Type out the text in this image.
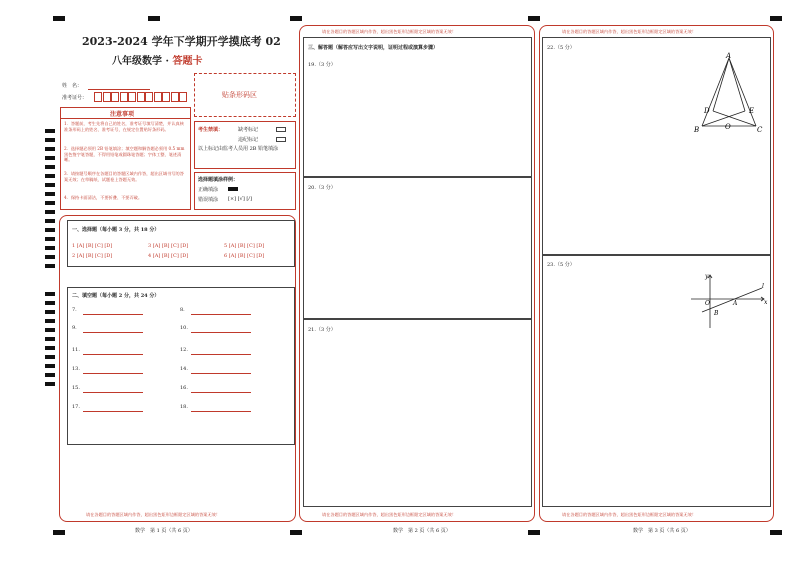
2023-2024 学年下学期开学摸底考 02
八年级数学 · 答题卡
姓　名：
准考证号：	贴条形码区
注意事项
1．答题前，考生先将自己的姓名，准考证号填写清楚，并认真核准条形码上的姓名、准考证号，在规定位置贴好条形码。
2．选择题必须用 2B 铅笔填涂；填空题和解答题必须用 0.5 mm 黑色签字笔答题，不得用铅笔或圆珠笔答题；字体工整、笔迹清晰。
3．请按题号顺序在各题目的答题区域内作答，超出区域书写的答案无效；在草稿纸、试题卷上答题无效。
4．保持卡面清洁，不要折叠、不要弄破。
考生禁填：	缺考标记
违纪标记
以上标记由监考人员用 2B 铅笔填涂
选择题填涂样例：
正确填涂
错误填涂 [×] [√] [/]
一、选择题（每小题 3 分，共 18 分）
1 [A] [B] [C] [D]	3 [A] [B] [C] [D]	5 [A] [B] [C] [D]
2 [A] [B] [C] [D]	4 [A] [B] [C] [D]	6 [A] [B] [C] [D]
二、填空题（每小题 2 分，共 24 分）
7.	8.
9.	10.
11.	12.
13.	14.
15.	16.
17.	18.
请在各题目的答题区域内作答，超出黑色矩形边框限定区域的答案无效！
数学　第 1 页（共 6 页）
请在各题目的答题区域内作答，超出黑色矩形边框限定区域的答案无效！
三、解答题（解答应写出文字说明，证明过程或演算步骤）
19.（3 分）
20.（3 分）
21.（3 分）
请在各题目的答题区域内作答，超出黑色矩形边框限定区域的答案无效！
数学　第 2 页（共 6 页）
请在各题目的答题区域内作答，超出黑色矩形边框限定区域的答案无效！
22.（5 分）
A
B	C
D	E
O
23.（5 分）
y
x
O	A
B
l
请在各题目的答题区域内作答，超出黑色矩形边框限定区域的答案无效！
数学　第 3 页（共 6 页）
